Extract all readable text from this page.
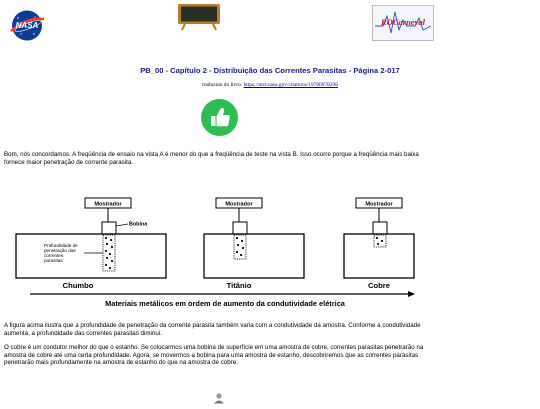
NASA	ROCarneval
PB_00 - Capítulo 2 - Distribuição das Correntes Parasitas - Página 2-017
traduzido do livro: https://ntrs.nasa.gov/citations/19780078298
Bom, nós concordamos. A freqüência de ensaio na vista A é menor do que a freqüência de teste na vista B. Isso ocorre porque a freqüência mais baixa fornece maior penetração de corrente parasita.
Mostrador
Bobina
Profundidade de penetração das correntes parasitas
Chumbo
Mostrador
Titânio
Mostrador
Cobre
Materiais metálicos em ordem de aumento da condutividade elétrica
A figura acima ilustra que a profundidade de penetração da corrente parasita também varia com a condutividade da amostra. Conforme a condutividade aumenta, a profundidade das correntes parasitas diminui.
O cobre é um condutor melhor do que o estanho. Se colocarmos uma bobina de superfície em uma amostra de cobre, correntes parasitas penetrarão na amostra de cobre até uma certa profundidade. Agora, se movermos a bobina para uma amostra de estanho, descobriremos que as correntes parasitas penetrarão mais profundamente na amostra de estanho do que na amostra de cobre.
